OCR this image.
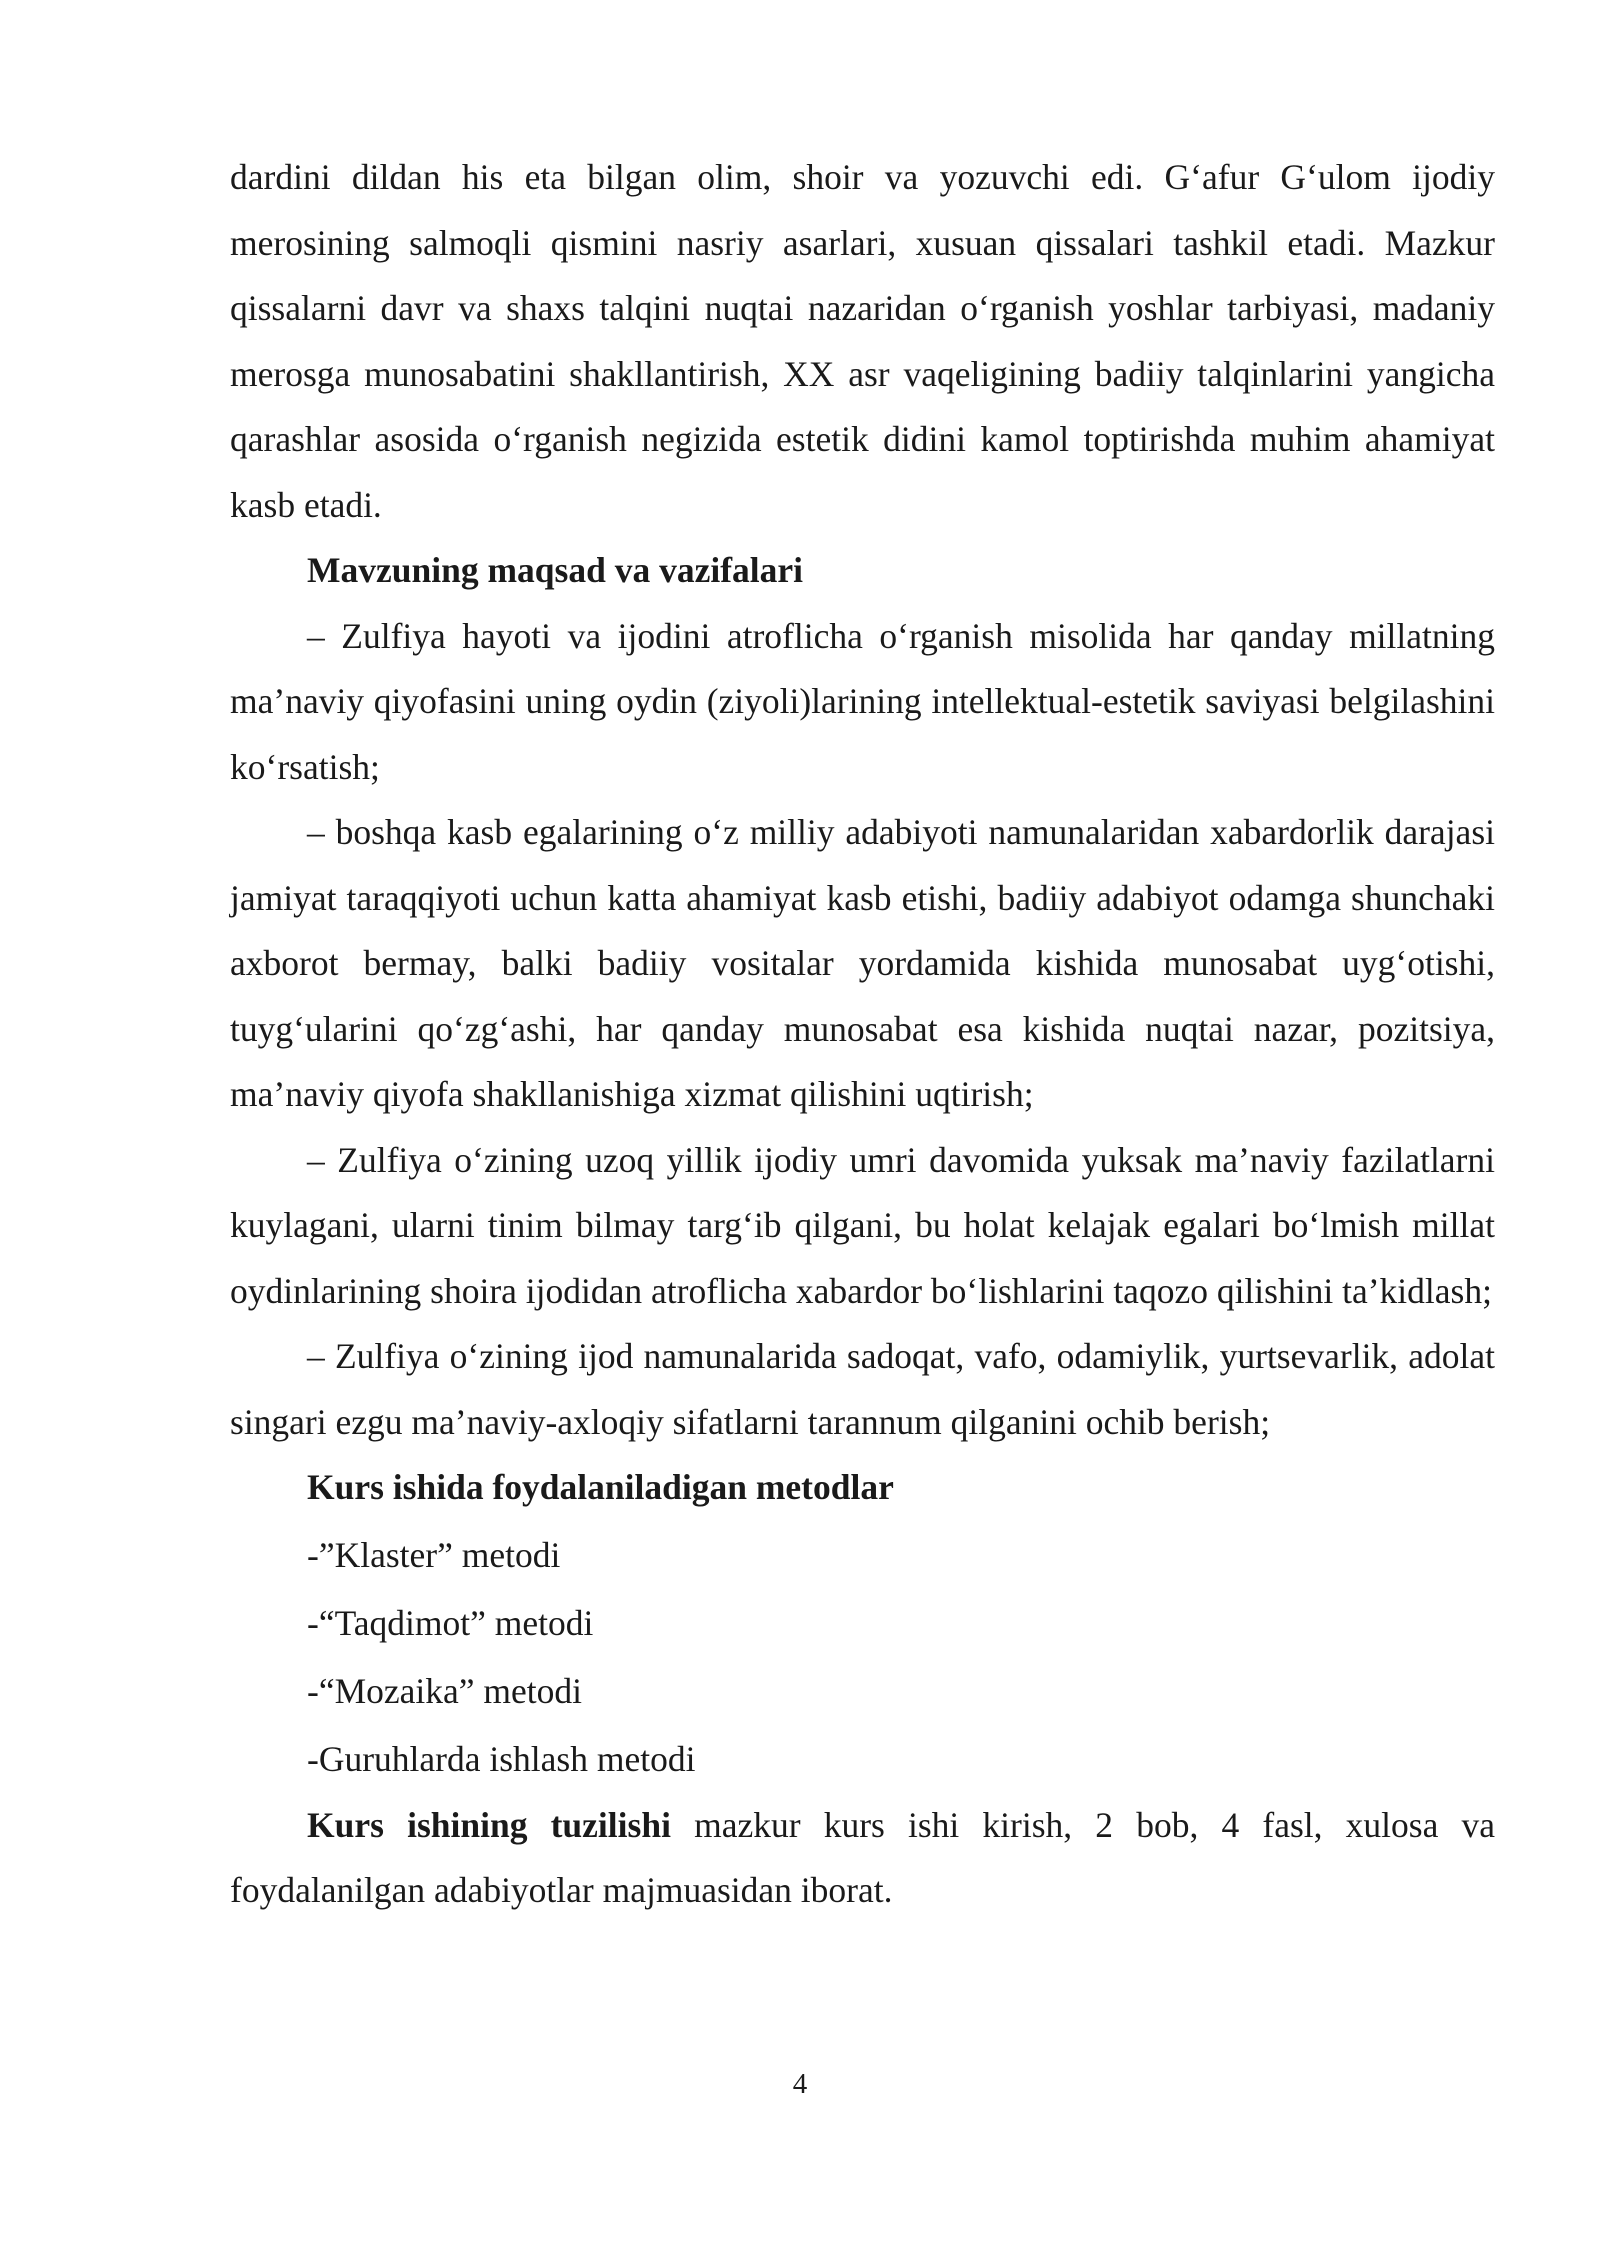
dardini dildan his eta bilgan olim, shoir va yozuvchi edi. G‘afur G‘ulom ijodiy merosining salmoqli qismini nasriy asarlari, xusuan qissalari tashkil etadi. Mazkur qissalarni davr va shaxs talqini nuqtai nazaridan o‘rganish yoshlar tarbiyasi, madaniy merosga munosabatini shakllantirish, XX asr vaqeligining badiiy talqinlarini yangicha qarashlar asosida o‘rganish negizida estetik didini kamol toptirishda muhim ahamiyat kasb etadi.

Mavzuning maqsad va vazifalari

– Zulfiya hayoti va ijodini atroflicha o‘rganish misolida har qanday millatning ma’naviy qiyofasini uning oydin (ziyoli)larining intellektual-estetik saviyasi belgilashini ko‘rsatish;

– boshqa kasb egalarining o‘z milliy adabiyoti namunalaridan xabardorlik darajasi jamiyat taraqqiyoti uchun katta ahamiyat kasb etishi, badiiy adabiyot odamga shunchaki axborot bermay, balki badiiy vositalar yordamida kishida munosabat uyg‘otishi, tuyg‘ularini qo‘zg‘ashi, har qanday munosabat esa kishida nuqtai nazar, pozitsiya, ma’naviy qiyofa shakllanishiga xizmat qilishini uqtirish;

– Zulfiya o‘zining uzoq yillik ijodiy umri davomida yuksak ma’naviy fazilatlarni kuylagani, ularni tinim bilmay targ‘ib qilgani, bu holat kelajak egalari bo‘lmish millat oydinlarining shoira ijodidan atroflicha xabardor bo‘lishlarini taqozo qilishini ta’kidlash;

– Zulfiya o‘zining ijod namunalarida sadoqat, vafo, odamiylik, yurtsevarlik, adolat singari ezgu ma’naviy-axloqiy sifatlarni tarannum qilganini ochib berish;

Kurs ishida foydalaniladigan metodlar

-”Klaster” metodi

-“Taqdimot” metodi

-“Mozaika” metodi

-Guruhlarda ishlash metodi

Kurs ishining tuzilishi mazkur kurs ishi kirish, 2 bob, 4 fasl, xulosa va foydalanilgan adabiyotlar majmuasidan iborat.

4
